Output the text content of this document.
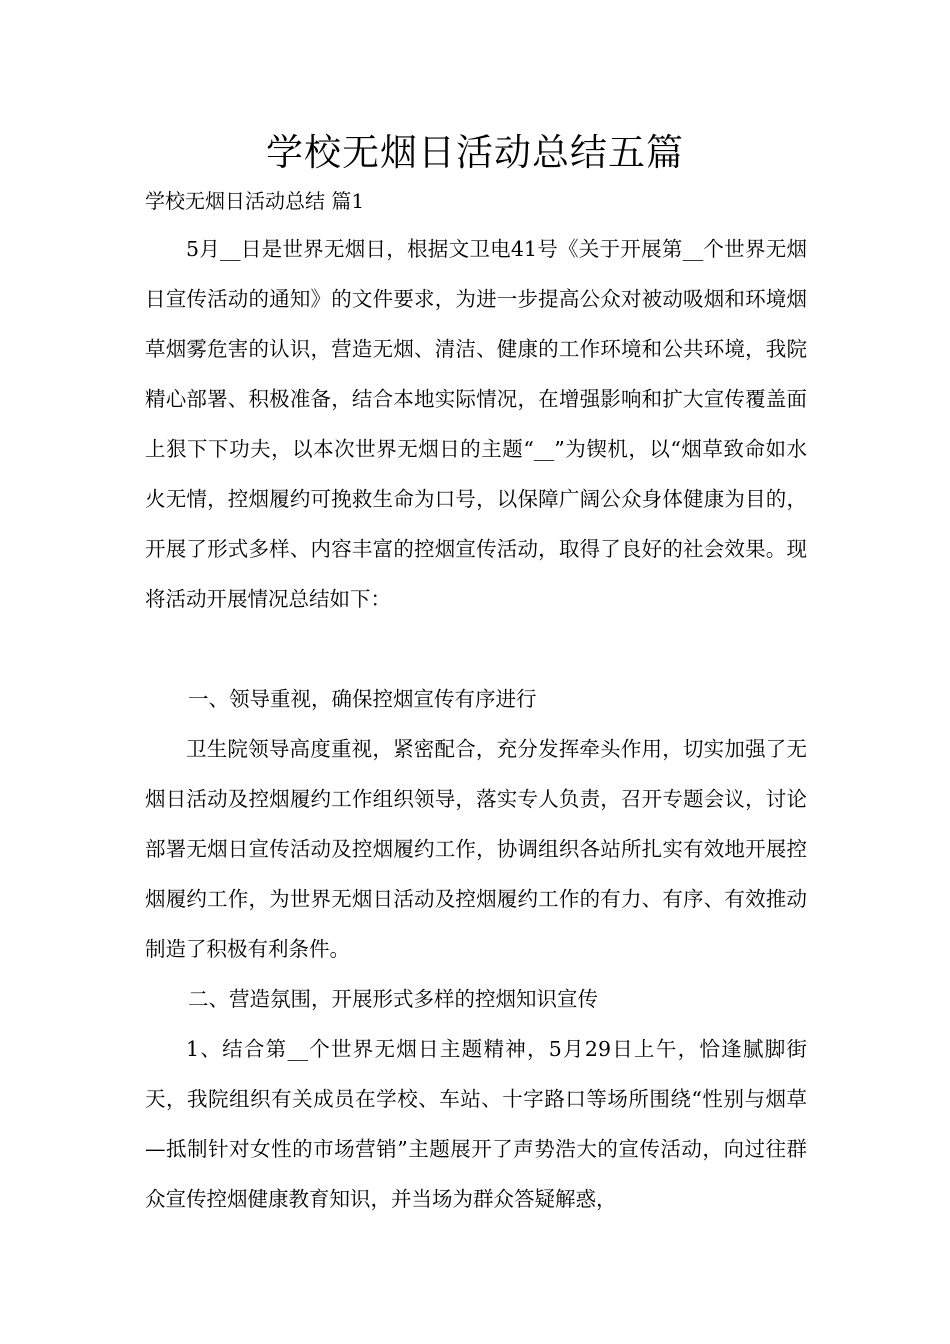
学校无烟日活动总结五篇
学校无烟日活动总结 篇1

5月__日是世界无烟日，根据文卫电41号《关于开展第__个世界无烟日宣传活动的通知》的文件要求，为进一步提高公众对被动吸烟和环境烟草烟雾危害的认识，营造无烟、清洁、健康的工作环境和公共环境，我院精心部署、积极准备，结合本地实际情况，在增强影响和扩大宣传覆盖面上狠下下功夫，以本次世界无烟日的主题“__”为锲机，以“烟草致命如水火无情，控烟履约可挽救生命为口号，以保障广阔公众身体健康为目的，开展了形式多样、内容丰富的控烟宣传活动，取得了良好的社会效果。现将活动开展情况总结如下：

一、领导重视，确保控烟宣传有序进行

卫生院领导高度重视，紧密配合，充分发挥牵头作用，切实加强了无烟日活动及控烟履约工作组织领导，落实专人负责，召开专题会议，讨论部署无烟日宣传活动及控烟履约工作，协调组织各站所扎实有效地开展控烟履约工作，为世界无烟日活动及控烟履约工作的有力、有序、有效推动制造了积极有利条件。

二、营造氛围，开展形式多样的控烟知识宣传

1、结合第__个世界无烟日主题精神，5月29日上午，恰逢腻脚街天，我院组织有关成员在学校、车站、十字路口等场所围绕“性别与烟草—抵制针对女性的市场营销”主题展开了声势浩大的宣传活动，向过往群众宣传控烟健康教育知识，并当场为群众答疑解惑，
